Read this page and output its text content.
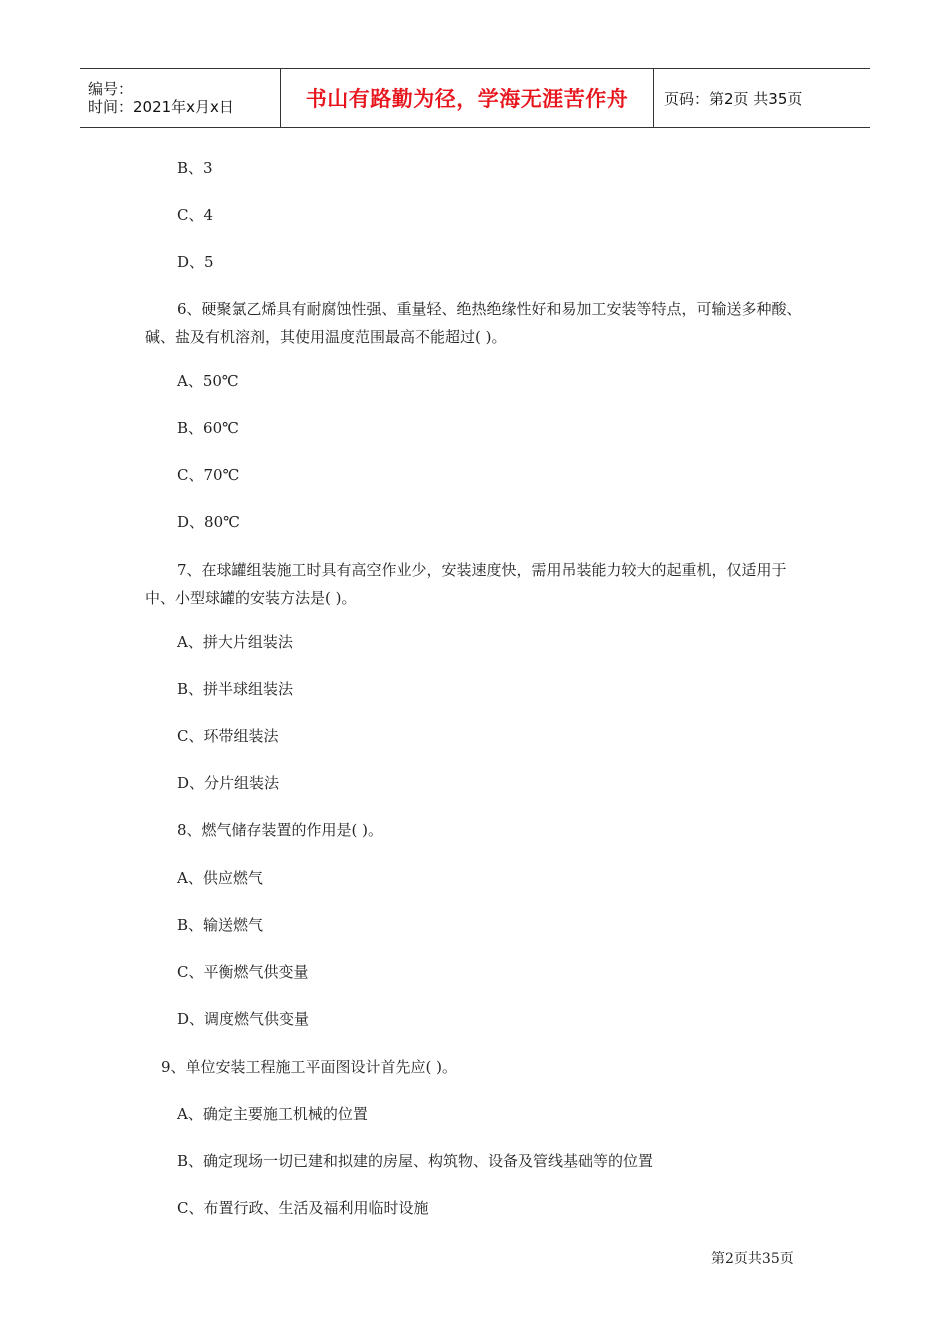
编号：
时间：2021年x月x日	书山有路勤为径，学海无涯苦作舟	页码：第2页 共35页
B、3
C、4
D、5
6、硬聚氯乙烯具有耐腐蚀性强、重量轻、绝热绝缘性好和易加工安装等特点，可输送多种酸、碱、盐及有机溶剂，其使用温度范围最高不能超过( )。
A、50℃
B、60℃
C、70℃
D、80℃
7、在球罐组装施工时具有高空作业少，安装速度快，需用吊装能力较大的起重机，仅适用于中、小型球罐的安装方法是( )。
A、拼大片组装法
B、拼半球组装法
C、环带组装法
D、分片组装法
8、燃气储存装置的作用是( )。
A、供应燃气
B、输送燃气
C、平衡燃气供变量
D、调度燃气供变量
9、单位安装工程施工平面图设计首先应( )。
A、确定主要施工机械的位置
B、确定现场一切已建和拟建的房屋、构筑物、设备及管线基础等的位置
C、布置行政、生活及福利用临时设施
第2页共35页
